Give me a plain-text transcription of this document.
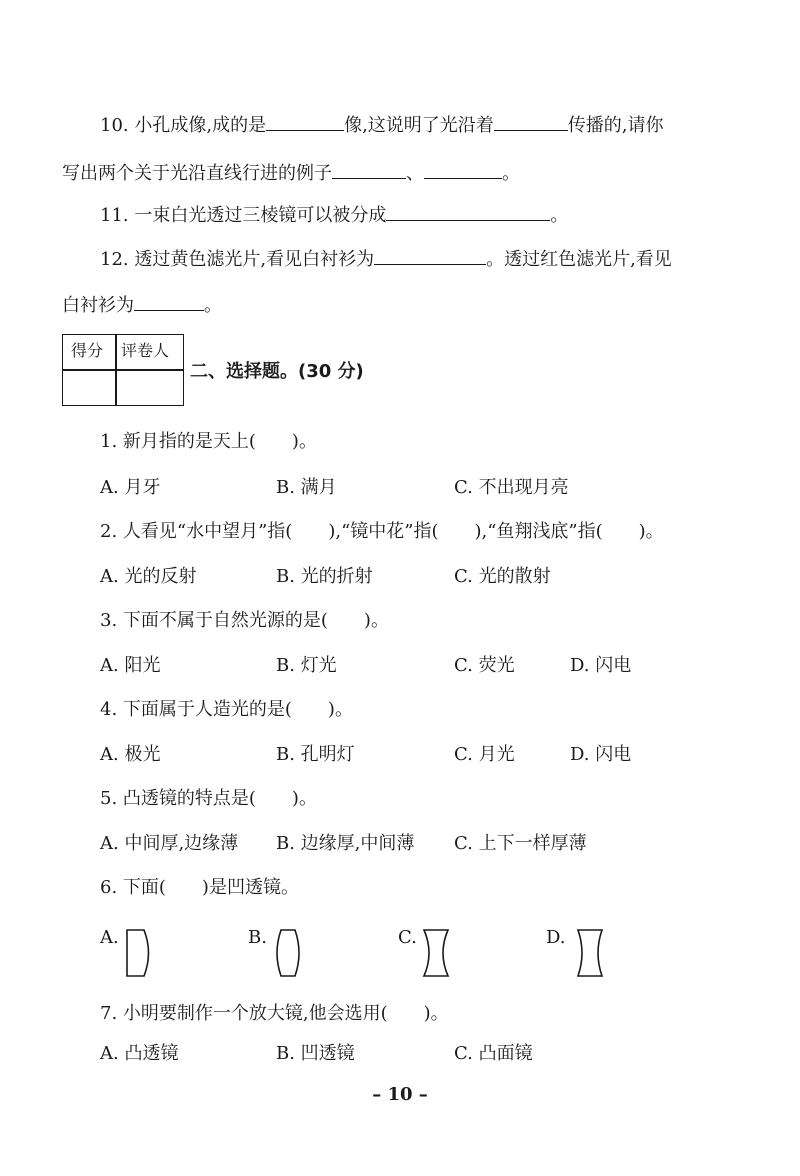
10. 小孔成像,成的是	像,这说明了光沿着	传播的,请你
写出两个关于光沿直线行进的例子	、	。
11. 一束白光透过三棱镜可以被分成	。
12. 透过黄色滤光片,看见白衬衫为	。透过红色滤光片,看见
白衬衫为	。
得分 评卷人
二、选择题。(30 分)
1. 新月指的是天上(　　)。
A. 月牙	B. 满月	C. 不出现月亮
2. 人看见“水中望月”指(　　),“镜中花”指(　　),“鱼翔浅底”指(　　)。
A. 光的反射	B. 光的折射	C. 光的散射
3. 下面不属于自然光源的是(　　)。
A. 阳光	B. 灯光	C. 荧光	D. 闪电
4. 下面属于人造光的是(　　)。
A. 极光	B. 孔明灯	C. 月光	D. 闪电
5. 凸透镜的特点是(　　)。
A. 中间厚,边缘薄 B. 边缘厚,中间薄 C. 上下一样厚薄
6. 下面(　　)是凹透镜。
A.	B.	C.	D.
7. 小明要制作一个放大镜,他会选用(　　)。
A. 凸透镜	B. 凹透镜	C. 凸面镜
– 10 –
